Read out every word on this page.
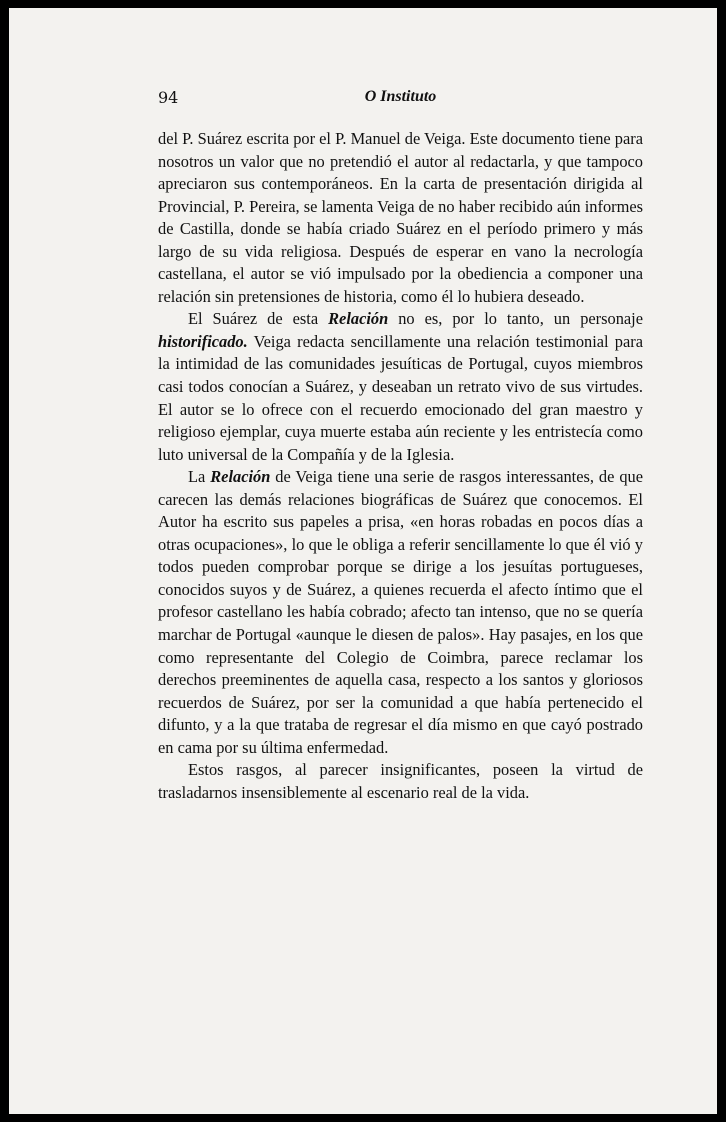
94	O Instituto

del P. Suárez escrita por el P. Manuel de Veiga. Este documento tiene para nosotros un valor que no pretendió el autor al redactarla, y que tampoco apreciaron sus contemporáneos. En la carta de presentación dirigida al Provincial, P. Pereira, se lamenta Veiga de no haber recibido aún informes de Castilla, donde se había criado Suárez en el período primero y más largo de su vida religiosa. Después de esperar en vano la necrología castellana, el autor se vió impulsado por la obediencia a componer una relación sin pretensiones de historia, como él lo hubiera deseado.

El Suárez de esta Relación no es, por lo tanto, un personaje historificado. Veiga redacta sencillamente una relación testimonial para la intimidad de las comunidades jesuíticas de Portugal, cuyos miembros casi todos conocían a Suárez, y deseaban un retrato vivo de sus virtudes. El autor se lo ofrece con el recuerdo emocionado del gran maestro y religioso ejemplar, cuya muerte estaba aún reciente y les entristecía como luto universal de la Compañía y de la Iglesia.

La Relación de Veiga tiene una serie de rasgos interessantes, de que carecen las demás relaciones biográficas de Suárez que conocemos. El Autor ha escrito sus papeles a prisa, «en horas robadas en pocos días a otras ocupaciones», lo que le obliga a referir sencillamente lo que él vió y todos pueden comprobar porque se dirige a los jesuítas portugueses, conocidos suyos y de Suárez, a quienes recuerda el afecto íntimo que el profesor castellano les había cobrado; afecto tan intenso, que no se quería marchar de Portugal «aunque le diesen de palos». Hay pasajes, en los que como representante del Colegio de Coimbra, parece reclamar los derechos preeminentes de aquella casa, respecto a los santos y gloriosos recuerdos de Suárez, por ser la comunidad a que había pertenecido el difunto, y a la que trataba de regresar el día mismo en que cayó postrado en cama por su última enfermedad.

Estos rasgos, al parecer insignificantes, poseen la virtud de trasladarnos insensiblemente al escenario real de la vida.
